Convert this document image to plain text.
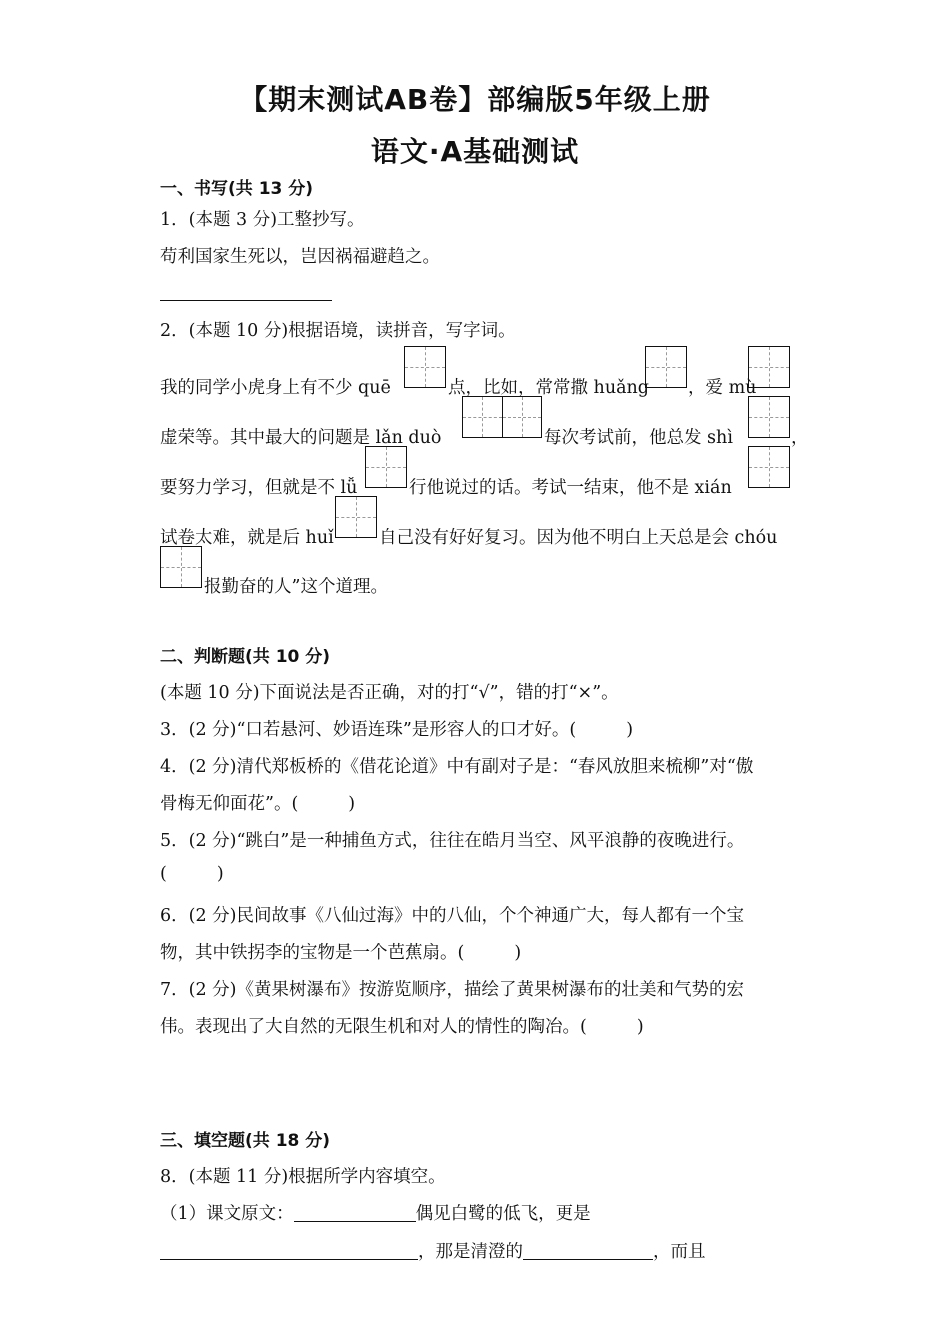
【期末测试AB卷】部编版5年级上册
语文·A基础测试
一、书写(共 13 分)
1．(本题 3 分)工整抄写。
苟利国家生死以，岂因祸福避趋之。
2．(本题 10 分)根据语境，读拼音，写字词。
我的同学小虎身上有不少 quē	点，比如，常常撒 huǎng ，爱 mù
虚荣等。其中最大的问题是 lǎn duò	每次考试前，他总发 shì	，
要努力学习，但就是不 lǚ	行他说过的话。考试一结束，他不是 xián
试卷太难，就是后 huǐ	自己没有好好复习。因为他不明白上天总是会 chóu
报勤奋的人”这个道理。
二、判断题(共 10 分)
(本题 10 分)下面说法是否正确，对的打“√”，错的打“×”。
3．(2 分)“口若悬河、妙语连珠”是形容人的口才好。(	)
4．(2 分)清代郑板桥的《借花论道》中有副对子是：“春风放胆来梳柳”对“傲
骨梅无仰面花”。(	)
5．(2 分)“跳白”是一种捕鱼方式，往往在皓月当空、风平浪静的夜晚进行。
(	)
6．(2 分)民间故事《八仙过海》中的八仙，个个神通广大，每人都有一个宝
物，其中铁拐李的宝物是一个芭蕉扇。(	)
7．(2 分)《黄果树瀑布》按游览顺序，描绘了黄果树瀑布的壮美和气势的宏
伟。表现出了大自然的无限生机和对人的情性的陶冶。(	)
三、填空题(共 18 分)
8．(本题 11 分)根据所学内容填空。
（1）课文原文：	偶见白鹭的低飞，更是
，那是清澄的	，而且
